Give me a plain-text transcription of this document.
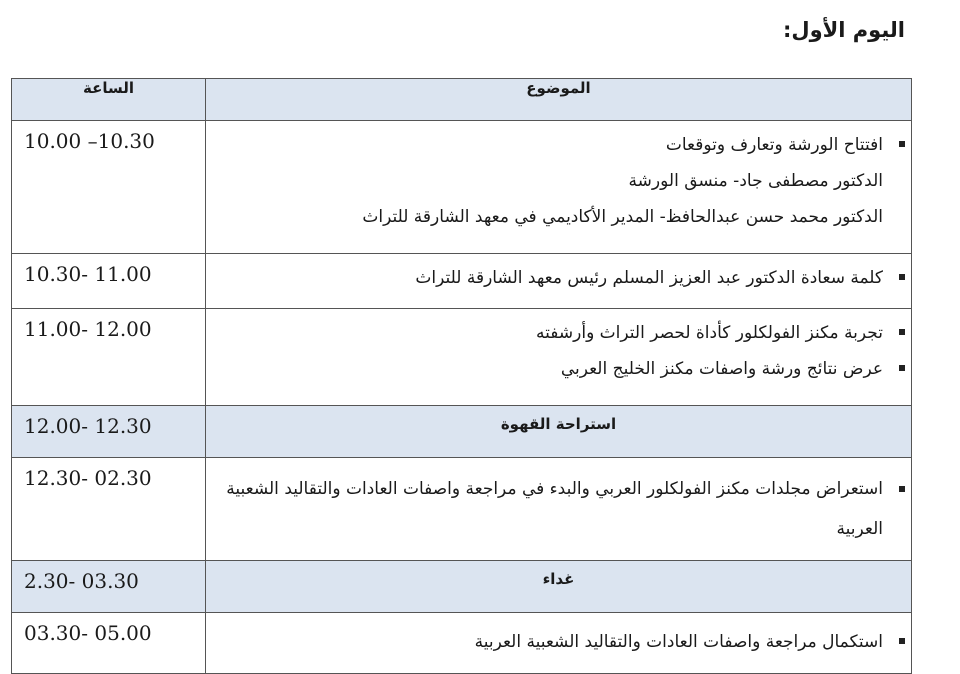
اليوم الأول:
الساعة	الموضوع
10.00 –10.30	افتتاح الورشة وتعارف وتوقعات
الدكتور مصطفى جاد- منسق الورشة
الدكتور محمد حسن عبدالحافظ- المدير الأكاديمي في معهد الشارقة للتراث

10.30- 11.00	كلمة سعادة الدكتور عبد العزيز المسلم رئيس معهد الشارقة للتراث

11.00- 12.00	تجربة مكنز الفولكلور كأداة لحصر التراث وأرشفته
عرض نتائج ورشة واصفات مكنز الخليج العربي

12.00- 12.30	استراحة القهوة
12.30- 02.30	استعراض مجلدات مكنز الفولكلور العربي والبدء في مراجعة واصفات العادات والتقاليد الشعبية العربية

2.30- 03.30	غداء
03.30- 05.00	استكمال مراجعة واصفات العادات والتقاليد الشعبية العربية
